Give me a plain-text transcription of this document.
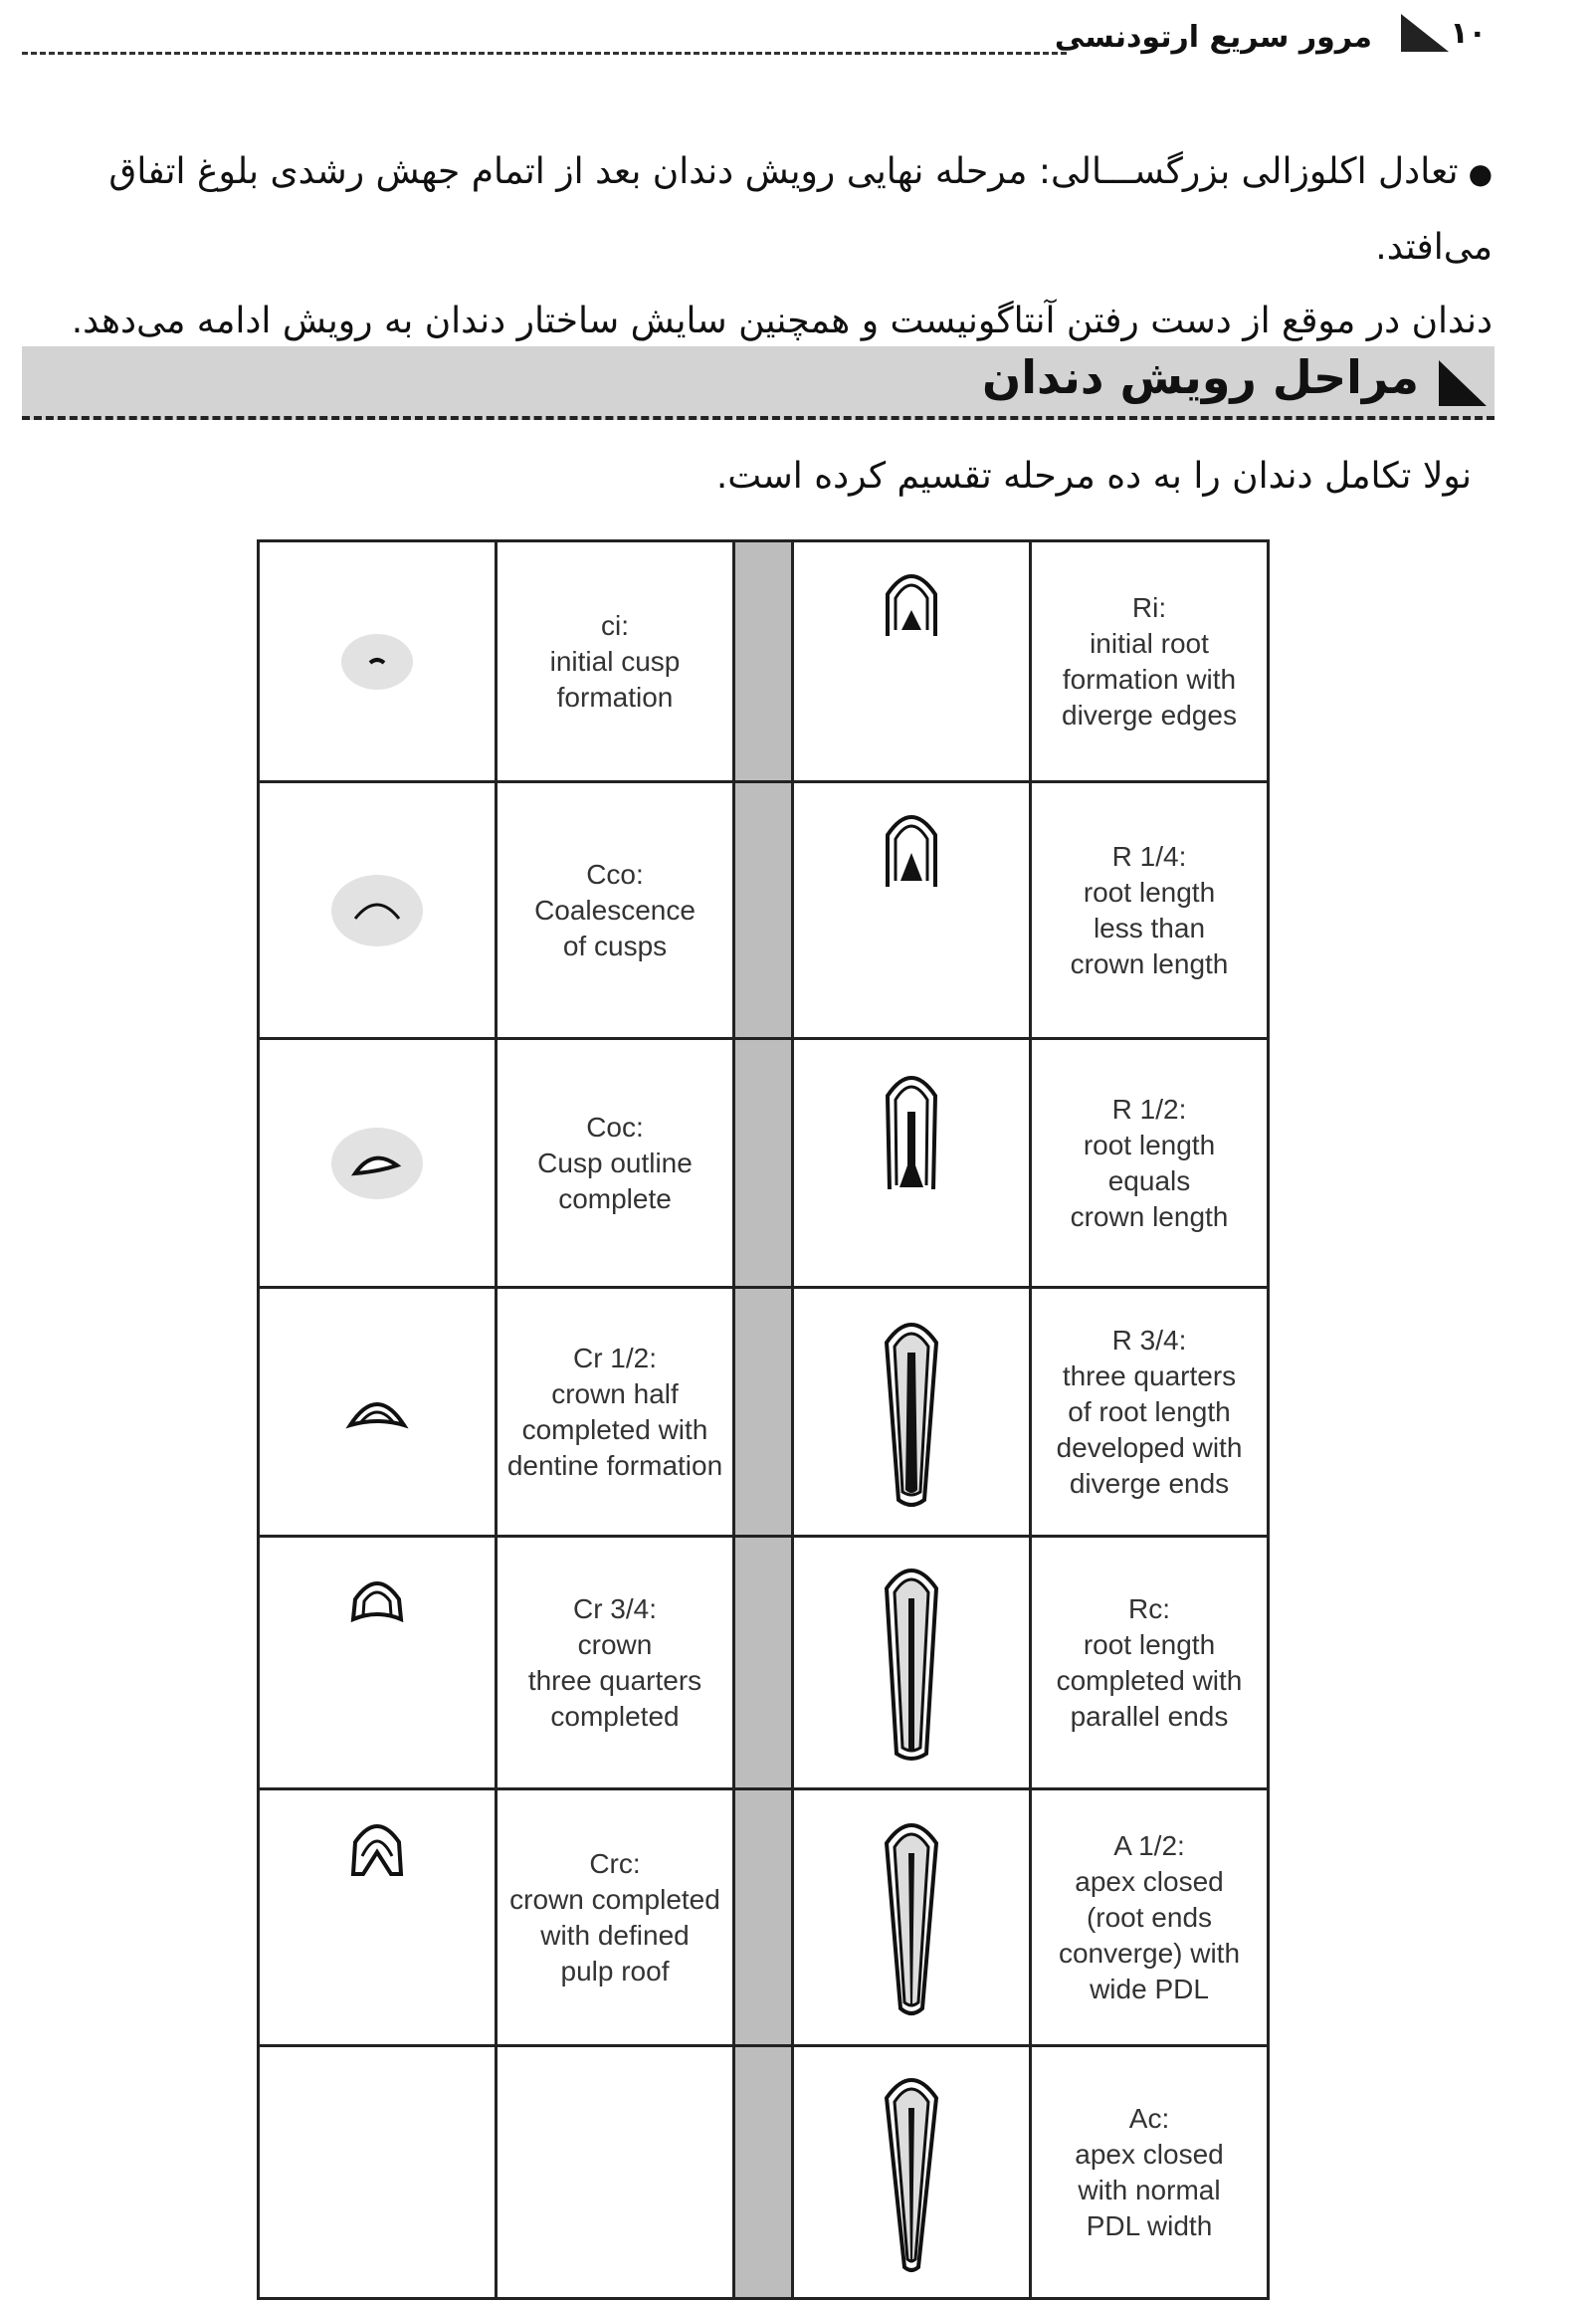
۱۰
مرور سریع ارتودنسی
●تعادل اکلوزالی بزرگســـالی: مرحله نهایی رویش دندان بعد از اتمام جهش رشدی بلوغ اتفاق می‌افتد.
دندان در موقع از دست رفتن آنتاگونیست و همچنین سایش ساختار دندان به رویش ادامه می‌دهد.
مراحل رویش دندان
نولا تکامل دندان را به ده مرحله تقسیم کرده است.

ci:
initial cusp
formation			Ri:
initial root
formation with
diverge edges

Cco:
Coalescence
of cusps			R 1/4:
root length
less than
crown length

Coc:
Cusp outline
complete			R 1/2:
root length
equals
crown length

Cr 1/2:
crown half
completed with
dentine formation			R 3/4:
three quarters
of root length
developed with
diverge ends

Cr 3/4:
crown
three quarters
completed			Rc:
root length
completed with
parallel ends

Crc:
crown completed
with defined
pulp roof			A 1/2:
apex closed
(root ends
converge) with
wide PDL

Ac:
apex closed
with normal
PDL width
